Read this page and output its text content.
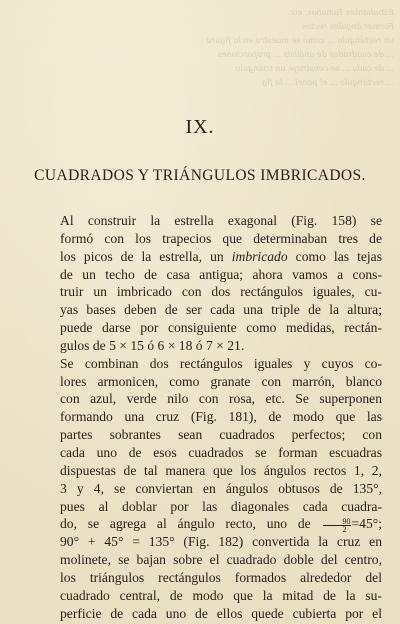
Estudiantes Tamaños, etc.
Formar ángulos rectos
un rectángulo ... como se muestra en la figura
... de cuadrados de análisis ... proporciones
... de cada ... se construye un triángulo
... rectángulo ... el panel ... la fig.
IX.
CUADRADOS Y TRIÁNGULOS IMBRICADOS.

Al construir la estrella exagonal (Fig. 158) se
formó con los trapecios que determinaban tres de
los picos de la estrella, un imbricado como las tejas
de un techo de casa antigua; ahora vamos a cons-
truir un imbricado con dos rectángulos iguales, cu-
yas bases deben de ser cada una triple de la altura;
puede darse por consiguiente como medidas, rectán-
gulos de 5 × 15 ó 6 × 18 ó 7 × 21.

Se combinan dos rectángulos iguales y cuyos co-
lores armonicen, como granate con marrón, blanco
con azul, verde nilo con rosa, etc. Se superponen
formando una cruz (Fig. 181), de modo que las
partes sobrantes sean cuadrados perfectos; con
cada uno de esos cuadrados se forman escuadras
dispuestas de tal manera que los ángulos rectos 1, 2,
3 y 4, se conviertan en ángulos obtusos de 135°,
pues al doblar por las diagonales cada cuadra-
do, se agrega al ángulo recto, uno de $\frac{90}{2} =45^\circ$;
90° + 45° = 135° (Fig. 182) convertida la cruz en
molinete, se bajan sobre el cuadrado doble del centro,
los triángulos rectángulos formados alrededor del
cuadrado central, de modo que la mitad de la su-
perficie de cada uno de ellos quede cubierta por el
